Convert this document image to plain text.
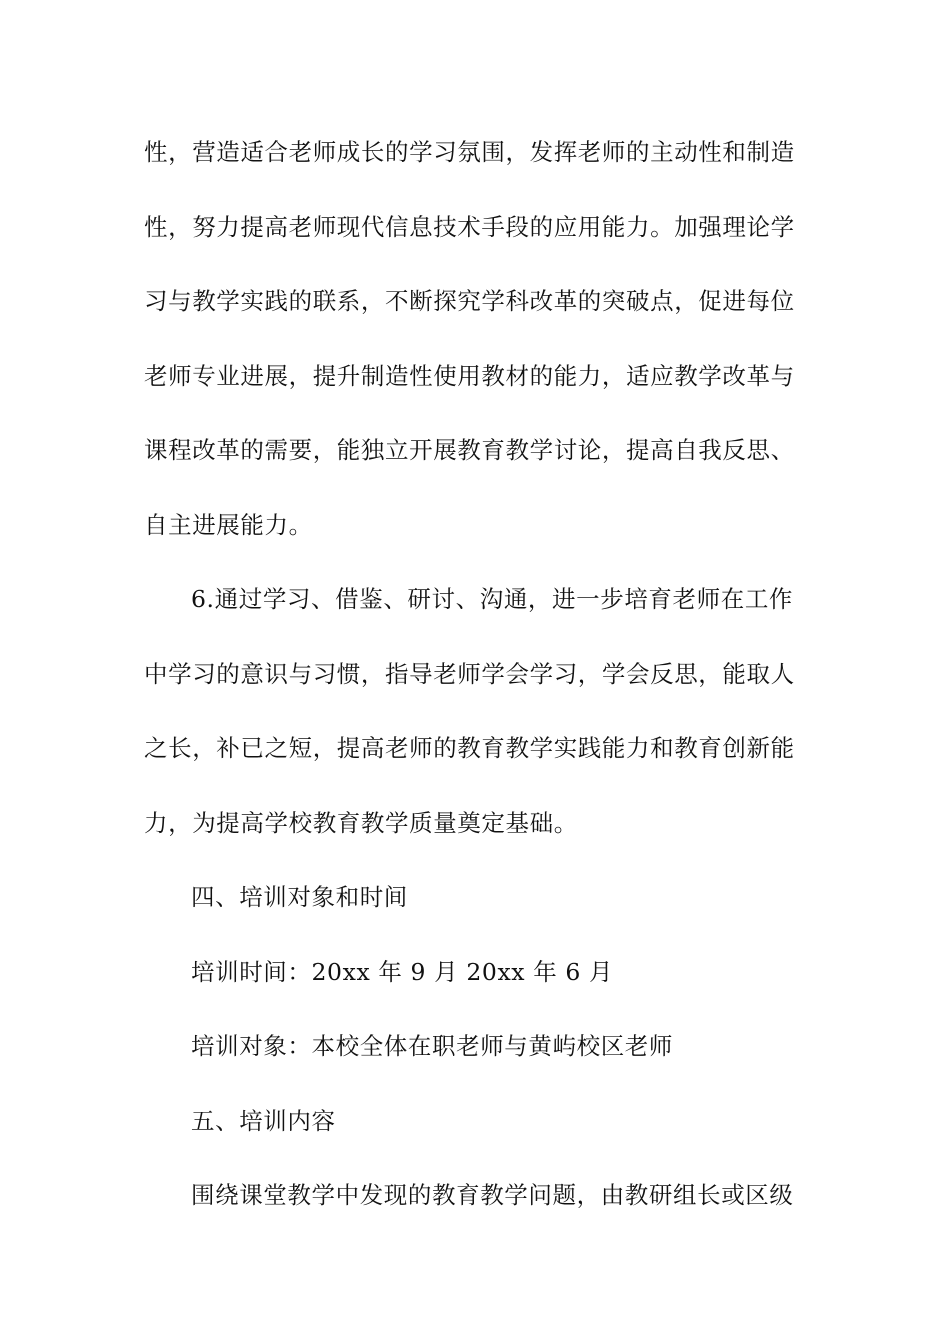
性，营造适合老师成长的学习氛围，发挥老师的主动性和制造
性，努力提高老师现代信息技术手段的应用能力。加强理论学
习与教学实践的联系，不断探究学科改革的突破点，促进每位
老师专业进展，提升制造性使用教材的能力，适应教学改革与
课程改革的需要，能独立开展教育教学讨论，提高自我反思、
自主进展能力。

6.通过学习、借鉴、研讨、沟通，进一步培育老师在工作
中学习的意识与习惯，指导老师学会学习，学会反思，能取人
之长，补已之短，提高老师的教育教学实践能力和教育创新能
力，为提高学校教育教学质量奠定基础。

四、培训对象和时间

培训时间：20xx 年 9 月 20xx 年 6 月

培训对象：本校全体在职老师与黄屿校区老师

五、培训内容

围绕课堂教学中发现的教育教学问题，由教研组长或区级
